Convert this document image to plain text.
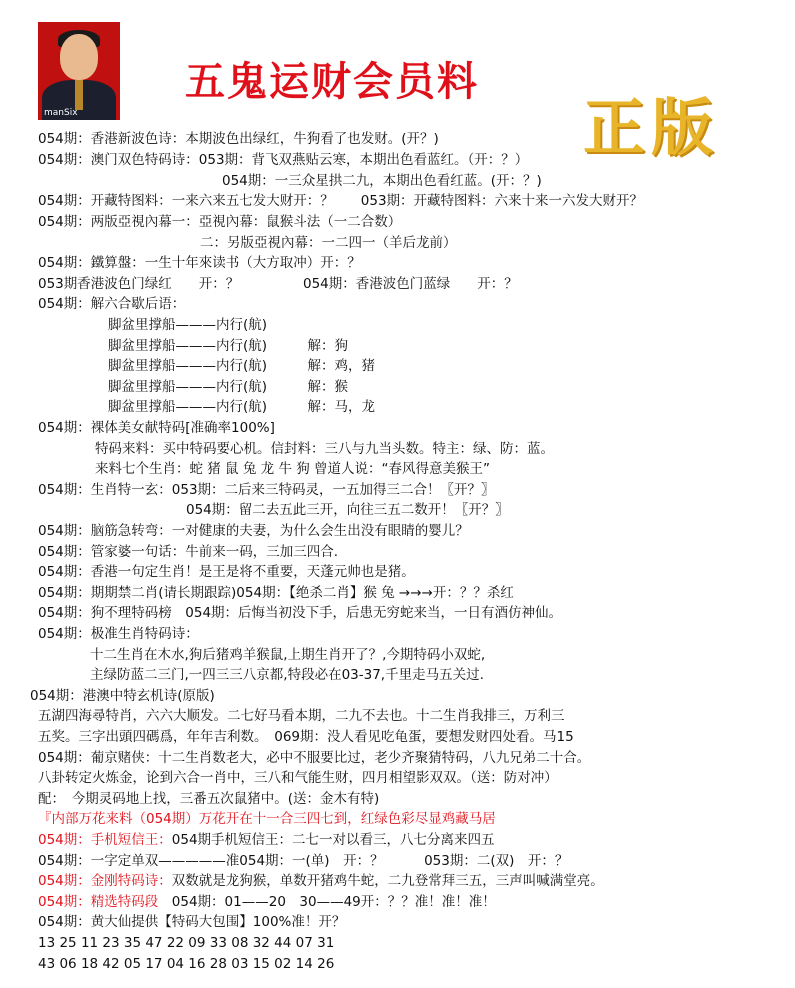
manSix
五鬼运财会员料
正版
054期：香港新波色诗：本期波色出绿红，牛狗看了也发财。(开？)
054期：澳门双色特码诗：053期：背飞双燕贴云寒，本期出色看蓝红。（开：？）
054期：一三众星拱二九，本期出色看红蓝。(开：？)
054期：开藏特图料：一来六来五七发大财开：？　　053期：开藏特图料：六来十来一六发大财开？
054期：两版亞視內幕一：亞視內幕：鼠猴斗法（一二合数）
二：另版亞視內幕：一二四一（羊后龙前）
054期：鐵算盤：一生十年來读书（大方取冲）开：？
053期香港波色门绿红　　开：？	054期：香港波色门蓝绿　　开：？
054期：解六合歇后语：
脚盆里撑船———内行(航)
脚盆里撑船———内行(航)　　　解：狗
脚盆里撑船———内行(航)　　　解：鸡，猪
脚盆里撑船———内行(航)　　　解：猴
脚盆里撑船———内行(航)　　　解：马，龙
054期：裸体美女献特码[准确率100%]
特码来料：买中特码要心机。信封料：三八与九当头数。特主：绿、防：蓝。
来料七个生肖：蛇 猪 鼠 兔 龙 牛 狗 曾道人说：“春风得意美猴王”
054期：生肖特一玄：053期：二后来三特码灵，一五加得三二合！〖开？〗
054期：留二去五此三开，向往三五二数开！〖开？〗
054期：脑筋急转弯：一对健康的夫妻，为什么会生出没有眼睛的婴儿？
054期：管家婆一句话：牛前来一码，三加三四合.
054期：香港一句定生肖！是王是将不重要，天蓬元帅也是猪。
054期：期期禁二肖(请长期跟踪)054期：【绝杀二肖】猴 兔 →→→开：？？杀红
054期：狗不理特码榜　054期：后悔当初没下手，后患无穷蛇来当，一日有酒仿神仙。
054期：极准生肖特码诗：
十二生肖在木水,狗后猪鸡羊猴鼠,上期生肖开了？,今期特码小双蛇,
主绿防蓝二三门,一四三三八京都,特段必在03-37,千里走马五关过.
054期：港澳中特玄机诗(原版)
五湖四海尋特肖，六六大顺发。二七好马看本期，二九不去也。十二生肖我排三，万利三
五奖。三字出頭四碼爲，年年吉利数。　069期：没人看见吃龟蛋，要想发财四处看。马15
054期：葡京赌侠：十二生肖数老大，必中不服要比过，老少齐聚猜特码，八九兄弟二十合。
八卦转定火炼金，论到六合一肖中，三八和气能生财，四月相望影双双。（送：防对冲）
配：　今期灵码地上找，三番五次鼠猪中。(送：金木有特)
『内部万花来料（054期）万花开在十一合三四七到，红绿色彩尽显鸡藏马居
054期：手机短信王：054期手机短信王：二七一对以看三，八七分离来四五
054期：一字定单双—————准054期：一(单)　开：？　　　053期：二(双)　开：？
054期：金刚特码诗：双数就是龙狗猴，单数开猪鸡牛蛇，二九登常拜三五，三声叫喊满堂亮。
054期：精选特码段　054期：01——20　30——49开：？？准！准！准！
054期：黄大仙提供【特码大包围】100%准！开？
13 25 11 23 35 47 22 09 33 08 32 44 07 31
43 06 18 42 05 17 04 16 28 03 15 02 14 26
